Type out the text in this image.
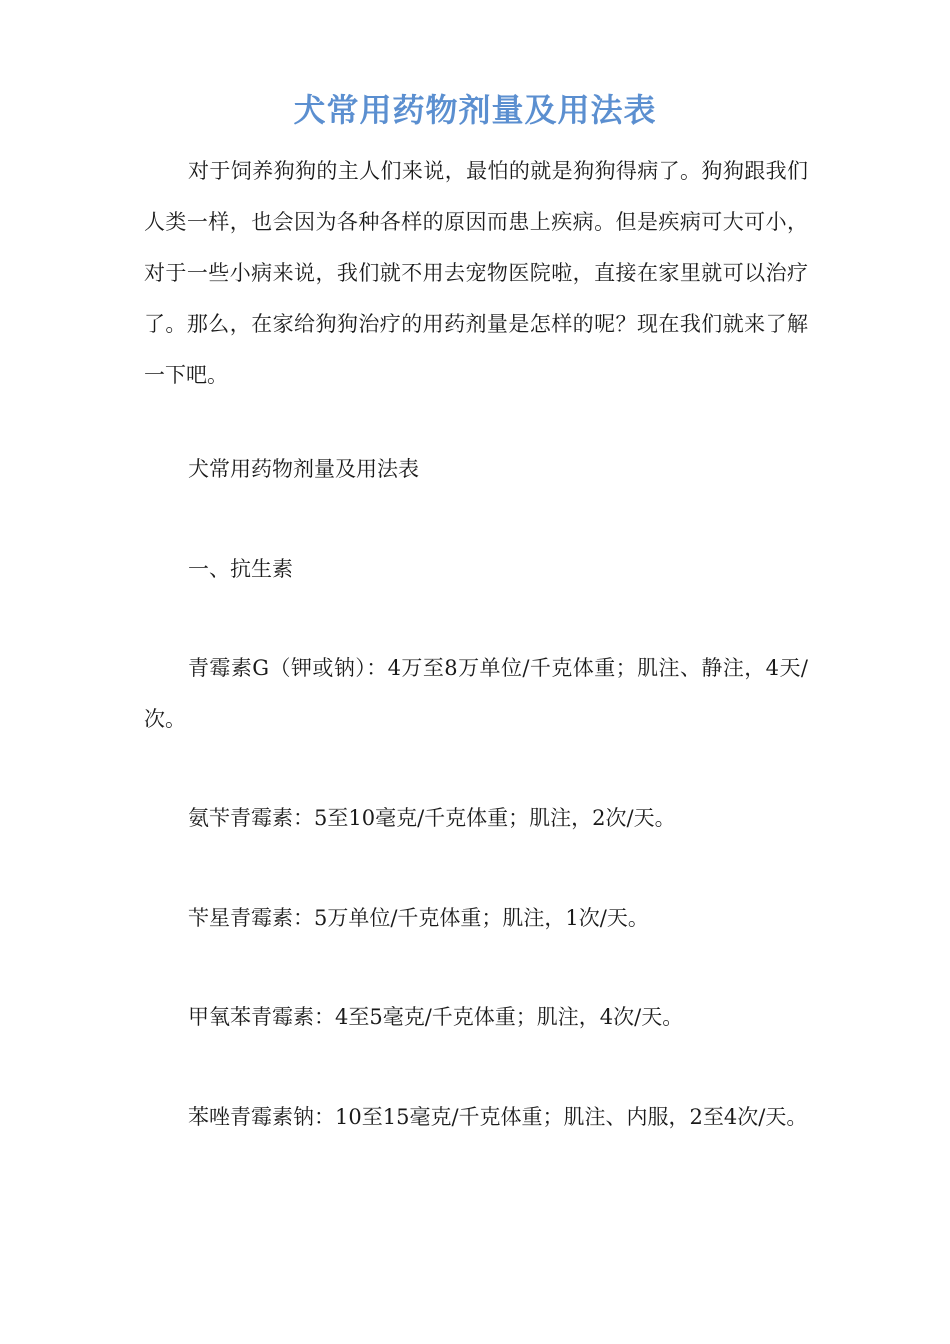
犬常用药物剂量及用法表

对于饲养狗狗的主人们来说，最怕的就是狗狗得病了。狗狗跟我们人类一样，也会因为各种各样的原因而患上疾病。但是疾病可大可小，对于一些小病来说，我们就不用去宠物医院啦，直接在家里就可以治疗了。那么，在家给狗狗治疗的用药剂量是怎样的呢？现在我们就来了解一下吧。

犬常用药物剂量及用法表

一、抗生素

青霉素G（钾或钠）：4万至8万单位/千克体重；肌注、静注，4天/次。

氨苄青霉素：5至10毫克/千克体重；肌注，2次/天。

苄星青霉素：5万单位/千克体重；肌注，1次/天。

甲氧苯青霉素：4至5毫克/千克体重；肌注，4次/天。

苯唑青霉素钠：10至15毫克/千克体重；肌注、内服，2至4次/天。
